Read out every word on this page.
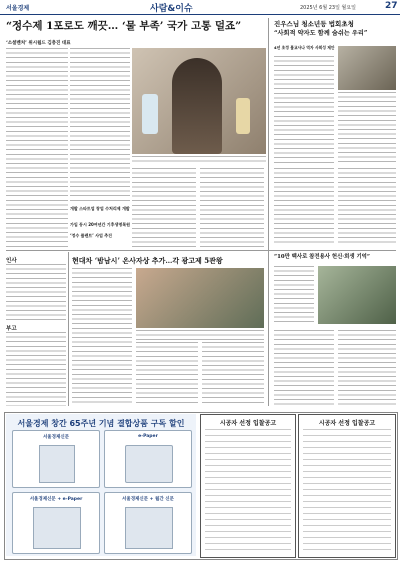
서울경제	사람&이슈	2025년 6월 23일 월요일	27
“정수제 1포로도 깨끗… ‘물 부족’ 국가 고통 덜죠”
‘소셜벤처’ 위시월드 김충진 대표
개발 스타트업 창업 수처리제 개발
가입 동시 20여년간 기후생명복원
‘정수 플랜트’ 사업 추진
진우스님 청소년등 법회초청
“사회적 약자도 함께 숨쉬는 우리”
4년 초정 불교사나 역자 사회성 제안
“10만 백사로 참전용사 헌신·희생 기억”
인사
부고
현대차 ‘밤남시’ 온사자상 추가…각 광고제 5관왕
서울경제 창간 65주년 기념 결합상품 구독 할인
서울경제신문	e-Paper
서울경제신문 + e-Paper	서울경제신문 + 월간 신문
시공자 선정 입찰공고	시공자 선정 입찰공고
